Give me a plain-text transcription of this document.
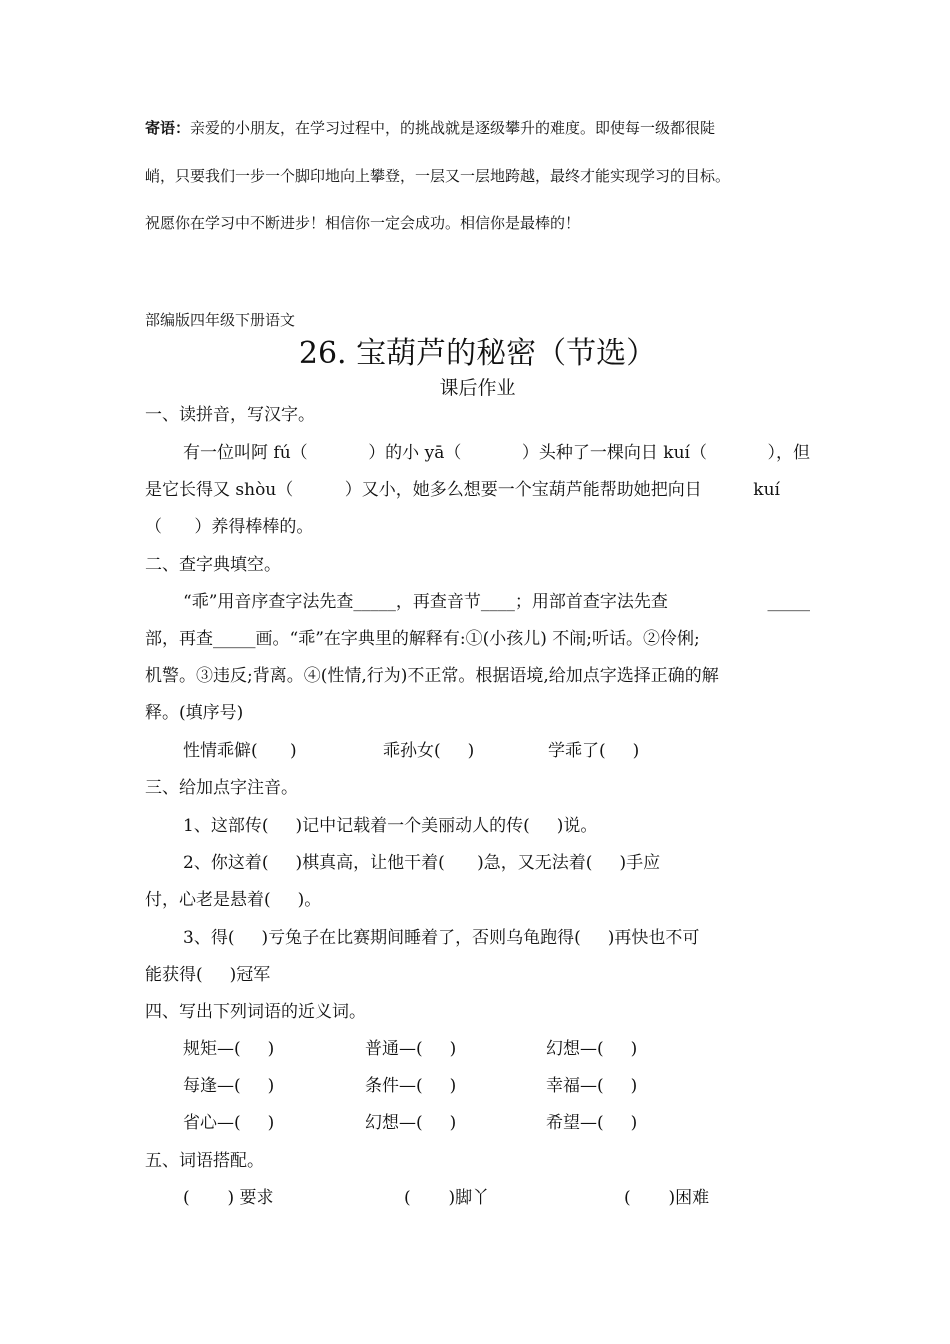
寄语：亲爱的小朋友，在学习过程中，的挑战就是逐级攀升的难度。即使每一级都很陡
峭，只要我们一步一个脚印地向上攀登，一层又一层地跨越，最终才能实现学习的目标。
祝愿你在学习中不断进步！相信你一定会成功。相信你是最棒的！
部编版四年级下册语文
26. 宝葫芦的秘密（节选）
课后作业
一、读拼音，写汉字。
有一位叫阿 fú（	）的小 yā（	）头种了一棵向日 kuí（	），但
是它长得又 shòu（	）又小，她多么想要一个宝葫芦能帮助她把向日	kuí
（      ）养得棒棒的。
二、查字典填空。
“乖”用音序查字法先查_____，再查音节____；用部首查字法先查	_____
部，再查_____画。“乖”在字典里的解释有:①(小孩儿) 不闹;听话。②伶俐;
机警。③违反;背离。④(性情,行为)不正常。根据语境,给加点字选择正确的解
释。(填序号)
性情乖僻(      )	乖孙女(     )	学乖了(     )
三、给加点字注音。
1、这部传(     )记中记载着一个美丽动人的传(     )说。
2、你这着(     )棋真高，让他干着(      )急，又无法着(     )手应
付，心老是悬着(     )。
3、得(     )亏兔子在比赛期间睡着了，否则乌龟跑得(     )再快也不可
能获得(     )冠军
四、写出下列词语的近义词。
规矩—(     )	普通—(     )	幻想—(     )
每逢—(     )	条件—(     )	幸福—(     )
省心—(     )	幻想—(     )	希望—(     )
五、词语搭配。
(       ) 要求	(       )脚丫	(       )困难
